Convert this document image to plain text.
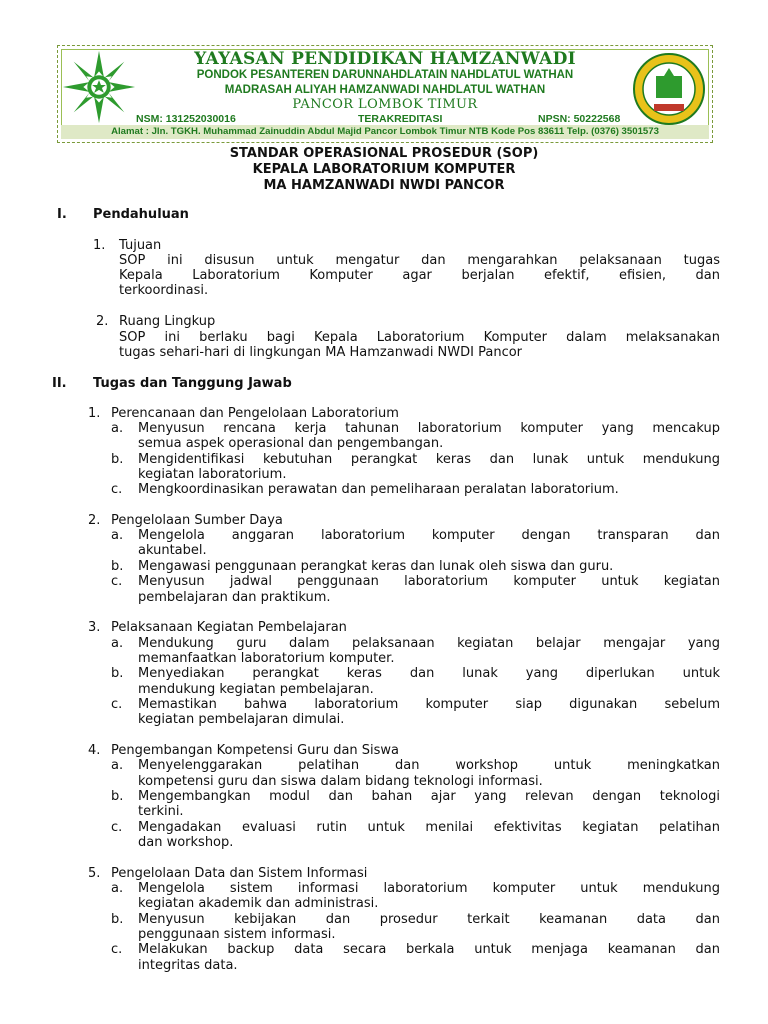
YAYASAN PENDIDIKAN HAMZANWADI
PONDOK PESANTEREN DARUNNAHDLATAIN NAHDLATUL WATHAN
MADRASAH ALIYAH HAMZANWADI NAHDLATUL WATHAN
PANCOR LOMBOK TIMUR
NSM: 131252030016	TERAKREDITASI	NPSN: 50222568
Alamat : Jln. TGKH. Muhammad Zainuddin Abdul Majid Pancor Lombok Timur NTB Kode Pos 83611 Telp. (0376) 3501573
STANDAR OPERASIONAL PROSEDUR (SOP)
KEPALA LABORATORIUM KOMPUTER
MA HAMZANWADI NWDI PANCOR
I. Pendahuluan
1. Tujuan
SOP ini disusun untuk mengatur dan mengarahkan pelaksanaan tugas
Kepala Laboratorium Komputer agar berjalan efektif, efisien, dan
terkoordinasi.
2. Ruang Lingkup
SOP ini berlaku bagi Kepala Laboratorium Komputer dalam melaksanakan
tugas sehari-hari di lingkungan MA Hamzanwadi NWDI Pancor
II. Tugas dan Tanggung Jawab
1. Perencanaan dan Pengelolaan Laboratorium
a. Menyusun rencana kerja tahunan laboratorium komputer yang mencakup
semua aspek operasional dan pengembangan.
b. Mengidentifikasi kebutuhan perangkat keras dan lunak untuk mendukung
kegiatan laboratorium.
c. Mengkoordinasikan perawatan dan pemeliharaan peralatan laboratorium.
2. Pengelolaan Sumber Daya
a. Mengelola anggaran laboratorium komputer dengan transparan dan
akuntabel.
b. Mengawasi penggunaan perangkat keras dan lunak oleh siswa dan guru.
c. Menyusun jadwal penggunaan laboratorium komputer untuk kegiatan
pembelajaran dan praktikum.
3. Pelaksanaan Kegiatan Pembelajaran
a. Mendukung guru dalam pelaksanaan kegiatan belajar mengajar yang
memanfaatkan laboratorium komputer.
b. Menyediakan perangkat keras dan lunak yang diperlukan untuk
mendukung kegiatan pembelajaran.
c. Memastikan bahwa laboratorium komputer siap digunakan sebelum
kegiatan pembelajaran dimulai.
4. Pengembangan Kompetensi Guru dan Siswa
a. Menyelenggarakan pelatihan dan workshop untuk meningkatkan
kompetensi guru dan siswa dalam bidang teknologi informasi.
b. Mengembangkan modul dan bahan ajar yang relevan dengan teknologi
terkini.
c. Mengadakan evaluasi rutin untuk menilai efektivitas kegiatan pelatihan
dan workshop.
5. Pengelolaan Data dan Sistem Informasi
a. Mengelola sistem informasi laboratorium komputer untuk mendukung
kegiatan akademik dan administrasi.
b. Menyusun kebijakan dan prosedur terkait keamanan data dan
penggunaan sistem informasi.
c. Melakukan backup data secara berkala untuk menjaga keamanan dan
integritas data.
